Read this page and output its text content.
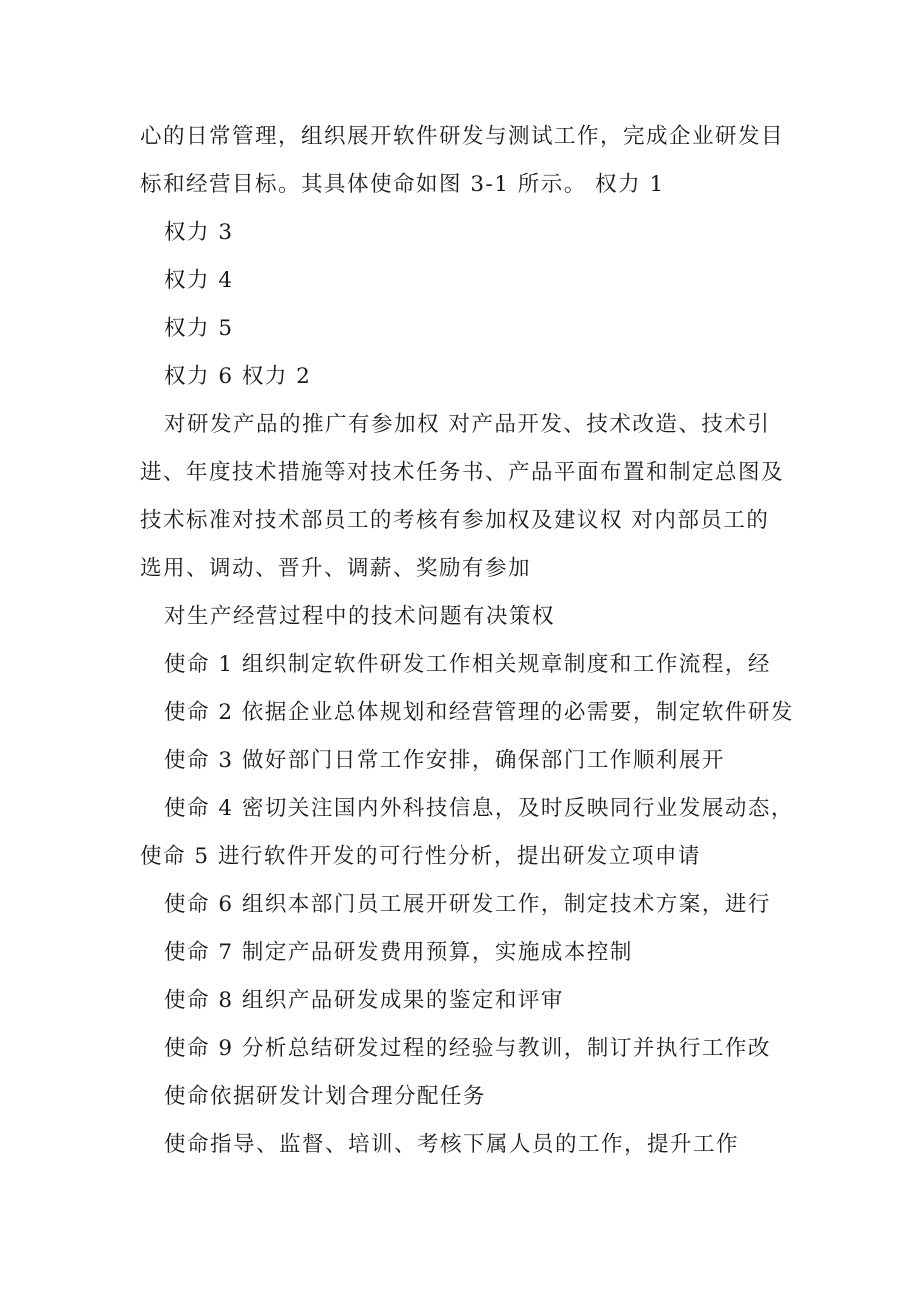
心的日常管理，组织展开软件研发与测试工作，完成企业研发目

标和经营目标。其具体使命如图 3-1 所示。 权力 1

权力 3

权力 4

权力 5

权力 6 权力 2

对研发产品的推广有参加权 对产品开发、技术改造、技术引

进、年度技术措施等对技术任务书、产品平面布置和制定总图及

技术标准对技术部员工的考核有参加权及建议权 对内部员工的

选用、调动、晋升、调薪、奖励有参加

对生产经营过程中的技术问题有决策权

使命 1 组织制定软件研发工作相关规章制度和工作流程，经

使命 2 依据企业总体规划和经营管理的必需要，制定软件研发

使命 3 做好部门日常工作安排，确保部门工作顺利展开

使命 4 密切关注国内外科技信息，及时反映同行业发展动态，

使命 5 进行软件开发的可行性分析，提出研发立项申请

使命 6 组织本部门员工展开研发工作，制定技术方案，进行

使命 7 制定产品研发费用预算，实施成本控制

使命 8 组织产品研发成果的鉴定和评审

使命 9 分析总结研发过程的经验与教训，制订并执行工作改

使命依据研发计划合理分配任务

使命指导、监督、培训、考核下属人员的工作，提升工作
